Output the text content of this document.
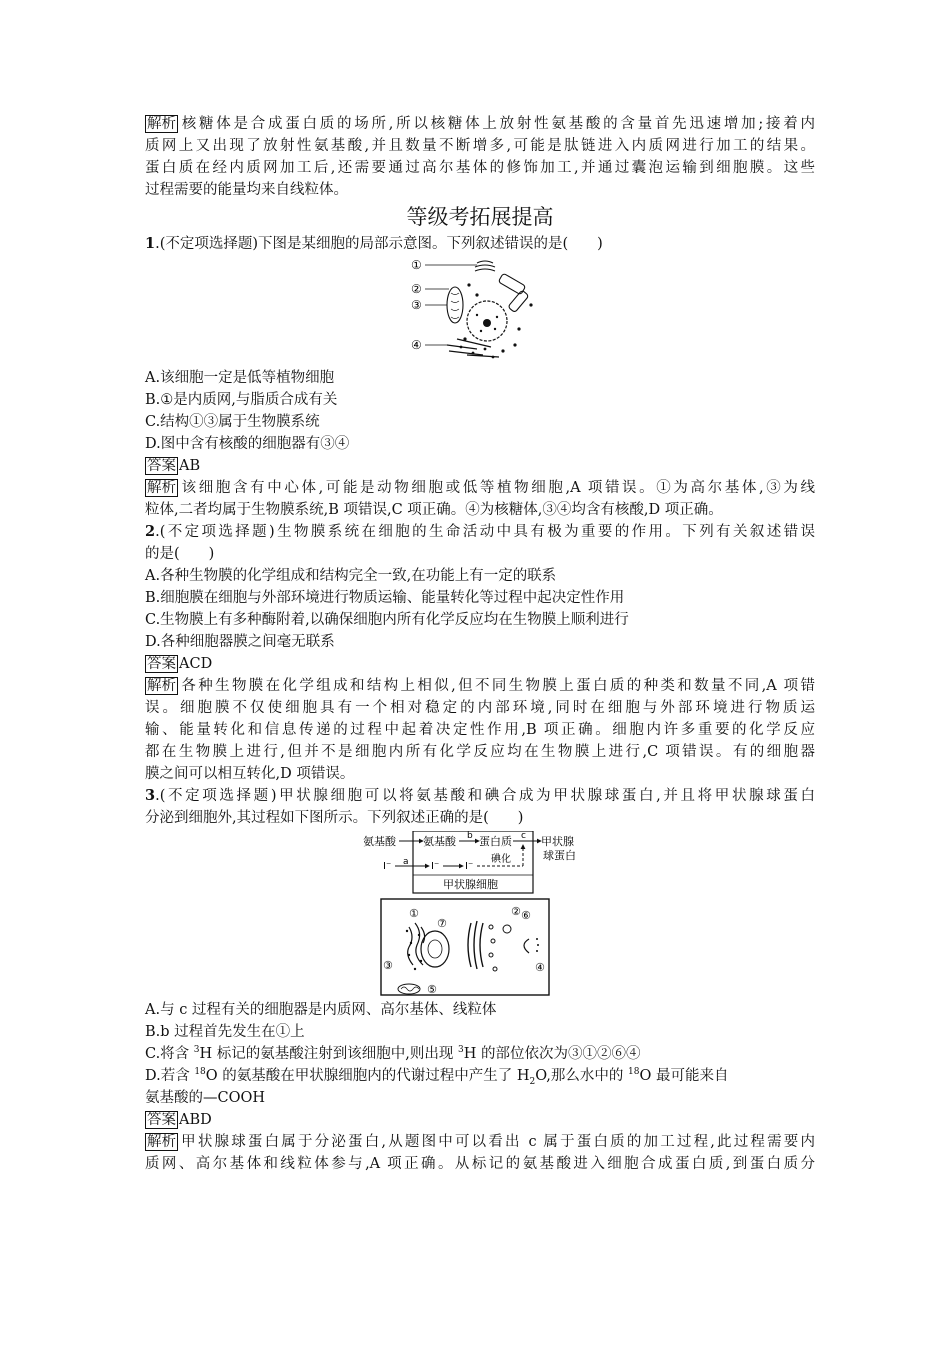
解析 核糖体是合成蛋白质的场所,所以核糖体上放射性氨基酸的含量首先迅速增加;接着内
质网上又出现了放射性氨基酸,并且数量不断增多,可能是肽链进入内质网进行加工的结果。
蛋白质在经内质网加工后,还需要通过高尔基体的修饰加工,并通过囊泡运输到细胞膜。这些
过程需要的能量均来自线粒体。
等级考拓展提高
1.(不定项选择题)下图是某细胞的局部示意图。下列叙述错误的是(　　)
①
②
③
④
A.该细胞一定是低等植物细胞
B.①是内质网,与脂质合成有关
C.结构①③属于生物膜系统
D.图中含有核酸的细胞器有③④
答案 AB
解析 该细胞含有中心体,可能是动物细胞或低等植物细胞,A 项错误。①为高尔基体,③为线
粒体,二者均属于生物膜系统,B 项错误,C 项正确。④为核糖体,③④均含有核酸,D 项正确。
2.(不定项选择题)生物膜系统在细胞的生命活动中具有极为重要的作用。下列有关叙述错误
的是(　　)
A.各种生物膜的化学组成和结构完全一致,在功能上有一定的联系
B.细胞膜在细胞与外部环境进行物质运输、能量转化等过程中起决定性作用
C.生物膜上有多种酶附着,以确保细胞内所有化学反应均在生物膜上顺利进行
D.各种细胞器膜之间毫无联系
答案 ACD
解析 各种生物膜在化学组成和结构上相似,但不同生物膜上蛋白质的种类和数量不同,A 项错
误。细胞膜不仅使细胞具有一个相对稳定的内部环境,同时在细胞与外部环境进行物质运
输、能量转化和信息传递的过程中起着决定性作用,B 项正确。细胞内许多重要的化学反应
都在生物膜上进行,但并不是细胞内所有化学反应均在生物膜上进行,C 项错误。有的细胞器
膜之间可以相互转化,D 项错误。
3.(不定项选择题)甲状腺细胞可以将氨基酸和碘合成为甲状腺球蛋白,并且将甲状腺球蛋白
分泌到细胞外,其过程如下图所示。下列叙述正确的是(　　)
氨基酸 氨基酸 b 蛋白质 c 甲状腺
球蛋白
I⁻ a I⁻	I⁻
碘化
甲状腺细胞
①	②
③	④
⑤
⑥
⑦
A.与 c 过程有关的细胞器是内质网、高尔基体、线粒体
B.b 过程首先发生在①上
C.将含 $^3$H 标记的氨基酸注射到该细胞中,则出现 $^3$H 的部位依次为③①②⑥④
D.若含 $^{18}$O 的氨基酸在甲状腺细胞内的代谢过程中产生了 $H_2O$,那么水中的 $^{18}$O 最可能来自
氨基酸的—COOH
答案 ABD
解析 甲状腺球蛋白属于分泌蛋白,从题图中可以看出 c 属于蛋白质的加工过程,此过程需要内
质网、高尔基体和线粒体参与,A 项正确。从标记的氨基酸进入细胞合成蛋白质,到蛋白质分
